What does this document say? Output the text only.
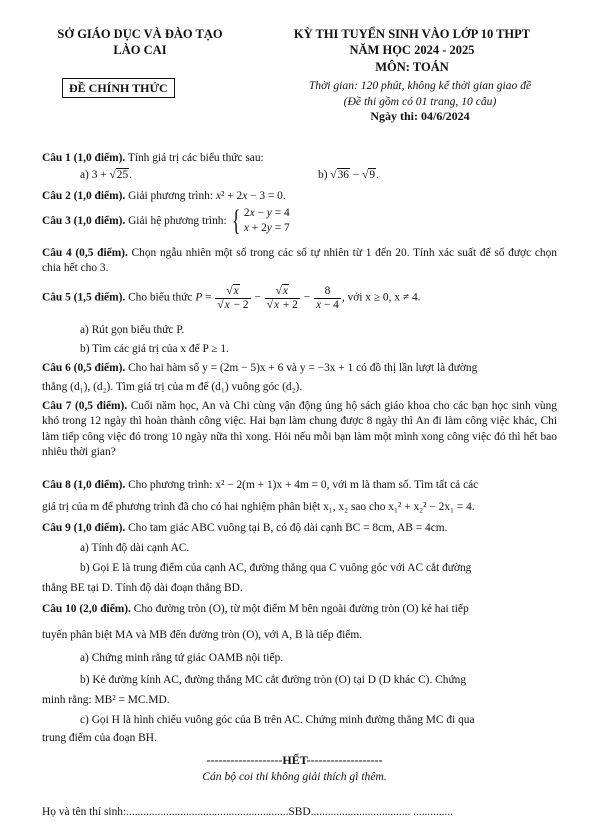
SỞ GIÁO DỤC VÀ ĐÀO TẠO
LÀO CAI
KỲ THI TUYỂN SINH VÀO LỚP 10 THPT
NĂM HỌC 2024 - 2025
MÔN: TOÁN
ĐỀ CHÍNH THỨC	Thời gian: 120 phút, không kể thời gian giao đề
(Đề thi gồm có 01 trang, 10 câu)
Ngày thi: 04/6/2024
Câu 1 (1,0 điểm). Tính giá trị các biểu thức sau:
a) 3 + √25.	b) √36 − √9.
Câu 2 (1,0 điểm). Giải phương trình: x² + 2x − 3 = 0.
Câu 3 (1,0 điểm). Giải hệ phương trình: { 2x − y = 4
x + 2y = 7
Câu 4 (0,5 điểm). Chọn ngẫu nhiên một số trong các số tự nhiên từ 1 đến 20. Tính xác suất để số được chọn chia hết cho 3.
Câu 5 (1,5 điểm). Cho biểu thức $P = \frac{√x}{√x - 2} - \frac{√x}{√x + 2} - \frac{8}{x - 4}$ , với x ≥ 0, x ≠ 4.
a) Rút gọn biểu thức P.
b) Tìm các giá trị của x để P ≥ 1.
Câu 6 (0,5 điểm). Cho hai hàm số y = (2m − 5)x + 6 và y = −3x + 1 có đồ thị lần lượt là đường
thẳng (d₁), (d₂). Tìm giá trị của m để (d₁) vuông góc (d₂).
Câu 7 (0,5 điểm). Cuối năm học, An và Chi cùng vận động ủng hộ sách giáo khoa cho các bạn học sinh vùng khó trong 12 ngày thì hoàn thành công việc. Hai bạn làm chung được 8 ngày thì An đi làm công việc khác, Chi làm tiếp công việc đó trong 10 ngày nữa thì xong. Hỏi nếu mỗi bạn làm một mình xong công việc đó thì hết bao nhiêu thời gian?
Câu 8 (1,0 điểm). Cho phương trình: x² − 2(m + 1)x + 4m = 0, với m là tham số. Tìm tất cả các
giá trị của m để phương trình đã cho có hai nghiệm phân biệt x₁, x₂ sao cho x₁² + x₂² − 2x₁ = 4.
Câu 9 (1,0 điểm). Cho tam giác ABC vuông tại B, có độ dài cạnh BC = 8cm, AB = 4cm.
a) Tính độ dài cạnh AC.
b) Gọi E là trung điểm của cạnh AC, đường thẳng qua C vuông góc với AC cắt đường
thẳng BE tại D. Tính độ dài đoạn thẳng BD.
Câu 10 (2,0 điểm). Cho đường tròn (O), từ một điểm M bên ngoài đường tròn (O) kẻ hai tiếp
tuyến phân biệt MA và MB đến đường tròn (O), với A, B là tiếp điểm.
a) Chứng minh rằng tứ giác OAMB nội tiếp.
b) Kẻ đường kính AC, đường thẳng MC cắt đường tròn (O) tại D (D khác C). Chứng
minh rằng: MB² = MC.MD.
c) Gọi H là hình chiếu vuông góc của B trên AC. Chứng minh đường thẳng MC đi qua
trung điểm của đoạn BH.
-------------------HẾT-------------------
Cán bộ coi thi không giải thích gì thêm.
Họ và tên thí sinh:.........................................................SBD................................... ..............
